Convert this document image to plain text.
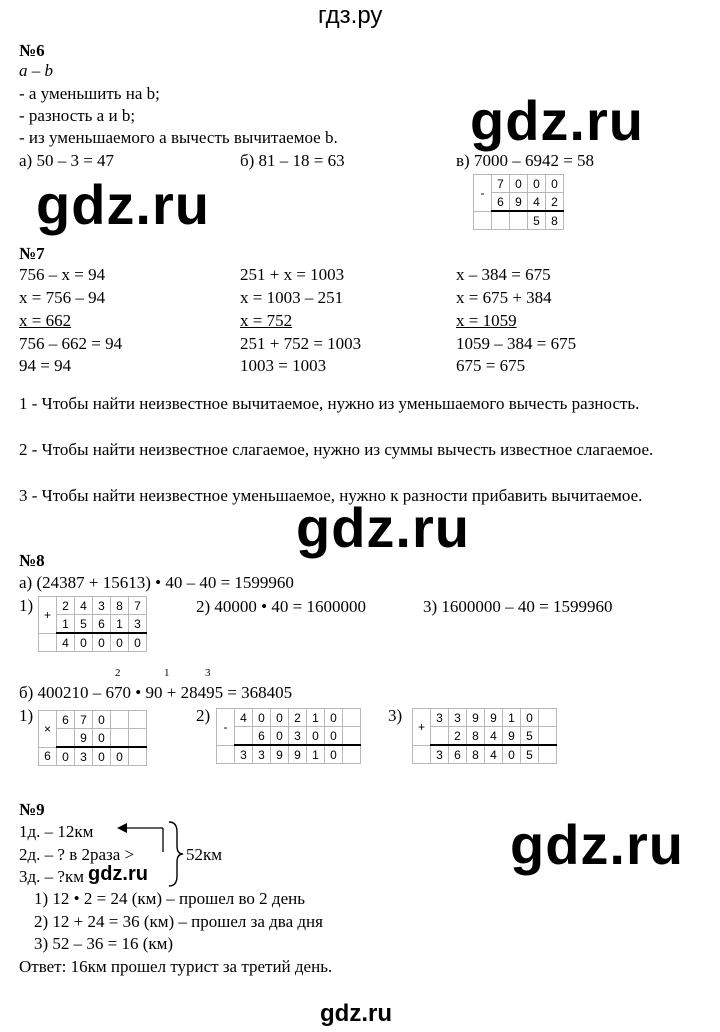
гдз.ру
gdz.ru
gdz.ru
gdz.ru
gdz.ru
gdz.ru
gdz.ru
№6
a – b
- a уменьшить на b;
- разность a и b;
- из уменьшаемого a вычесть вычитаемое b.
а) 50 – 3 = 47	б) 81 – 18 = 63	в) 7000 – 6942 = 58
-	7	0	0	0
	6	9	4	2
			5	8
№7
756 – x = 94
x = 756 – 94
x = 662
756 – 662 = 94
94 = 94
251 + x = 1003
x = 1003 – 251
x = 752
251 + 752 = 1003
1003 = 1003
x – 384 = 675
x = 675 + 384
x = 1059
1059 – 384 = 675
675 = 675
1 - Чтобы найти неизвестное вычитаемое, нужно из уменьшаемого вычесть разность.
2 - Чтобы найти неизвестное слагаемое, нужно из суммы вычесть известное слагаемое.
3 - Чтобы найти неизвестное уменьшаемое, нужно к разности прибавить вычитаемое.
№8
а) (24387 + 15613) • 40 – 40 = 1599960
1) +	2	4	3	8	7
	1	5	6	1	3
	4	0	0	0	0
2) 40000 • 40 = 1600000	3) 1600000 – 40 = 1599960
2	1	3
б) 400210 – 670 • 90 + 28495 = 368405
1)
×	6	7	0		
		9	0		
6	0	3	0	0	
2)
-	4	0	0	2	1	0	
		6	0	3	0	0	
	3	3	9	9	1	0	
3)
+	3	3	9	9	1	0	
		2	8	4	9	5	
	3	6	8	4	0	5	
№9
1д. – 12км
2д. – ? в 2раза >
3д. – ?км
52км
1) 12 • 2 = 24 (км) – прошел во 2 день
2) 12 + 24 = 36 (км) – прошел за два дня
3) 52 – 36 = 16 (км)
Ответ: 16км прошел турист за третий день.
